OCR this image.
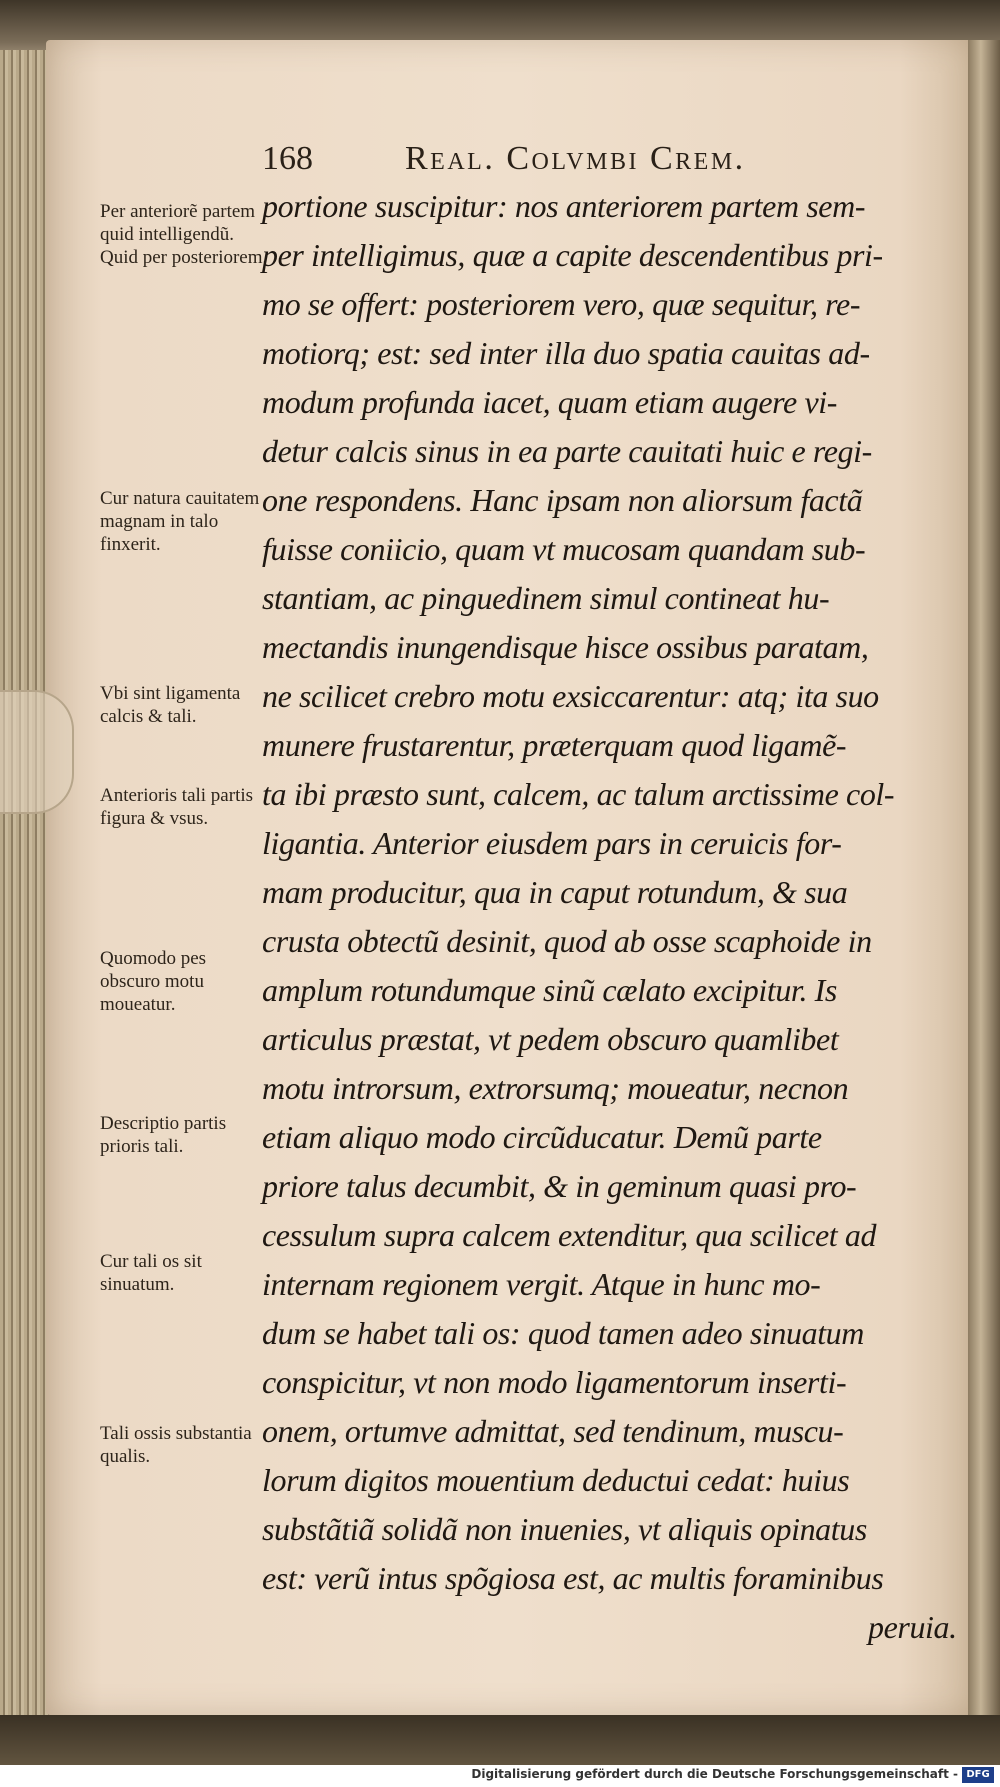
168	Real. Colvmbi Crem.
Per anteriorẽ partem quid intelligendũ. Quid per posteriorem.
Cur natura cauitatem magnam in talo finxerit.
Vbi sint ligamenta calcis & tali.
Anterioris tali partis figura & vsus.
Quomodo pes obscuro motu moueatur.
Descriptio partis prioris tali.
Cur tali os sit sinuatum.
Tali ossis substantia qualis.
portione suscipitur: nos anteriorem partem sem-
per intelligimus, quæ a capite descendentibus pri-
mo se offert: posteriorem vero, quæ sequitur, re-
motiorq; est: sed inter illa duo spatia cauitas ad-
modum profunda iacet, quam etiam augere vi-
detur calcis sinus in ea parte cauitati huic e regi-
one respondens. Hanc ipsam non aliorsum factã
fuisse coniicio, quam vt mucosam quandam sub-
stantiam, ac pinguedinem simul contineat hu-
mectandis inungendisque hisce ossibus paratam,
ne scilicet crebro motu exsiccarentur: atq; ita suo
munere frustarentur, præterquam quod ligamẽ-
ta ibi præsto sunt, calcem, ac talum arctissime col-
ligantia. Anterior eiusdem pars in ceruicis for-
mam producitur, qua in caput rotundum, & sua
crusta obtectũ desinit, quod ab osse scaphoide in
amplum rotundumque sinũ cælato excipitur. Is
articulus præstat, vt pedem obscuro quamlibet
motu introrsum, extrorsumq; moueatur, necnon
etiam aliquo modo circũducatur. Demũ parte
priore talus decumbit, & in geminum quasi pro-
cessulum supra calcem extenditur, qua scilicet ad
internam regionem vergit. Atque in hunc mo-
dum se habet tali os: quod tamen adeo sinuatum
conspicitur, vt non modo ligamentorum inserti-
onem, ortumve admittat, sed tendinum, muscu-
lorum digitos mouentium deductui cedat: huius
substãtiã solidã non inuenies, vt aliquis opinatus
est: verũ intus spõgiosa est, ac multis foraminibus
peruia.
Digitalisierung gefördert durch die Deutsche Forschungsgemeinschaft - DFG
